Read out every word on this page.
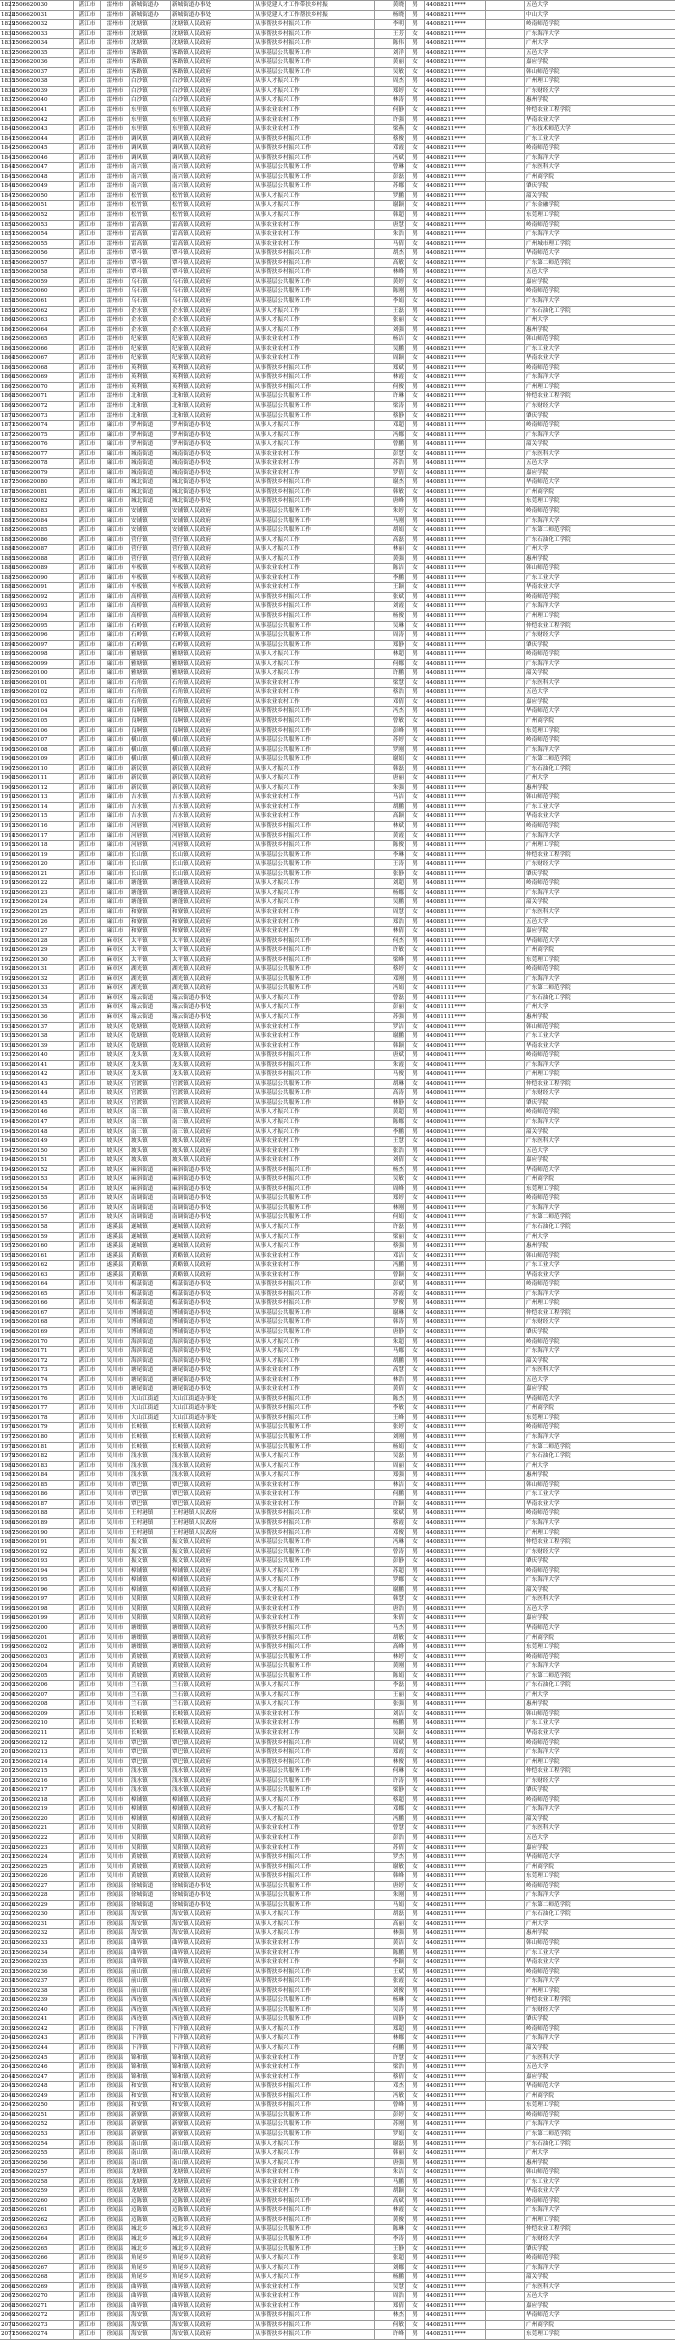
1827	2506620030	湛江市	雷州市	新城街道办	新城街道办事处	从事党建人才工作带扶乡村振	黄晓	男	44088211****		五邑大学
1828	2506620031	湛江市	雷州市	新城街道办	新城街道办事处	从事党建人才工作帮扶乡村振	杨晓	男	44088211****		中山大学
1829	2506620032	湛江市	雷州市	沈塘镇	沈塘镇人民政府	从事帮扶乡村振兴工作	李明	男	44088211****		岭南师范学院
1830	2506620033	湛江市	雷州市	沈塘镇	沈塘镇人民政府	从事帮扶乡村振兴工作	王芳	女	44088211****		广东海洋大学
1831	2506620034	湛江市	雷州市	沈塘镇	沈塘镇人民政府	从事帮扶乡村振兴工作	陈伟	男	44088211****		广州大学
1832	2506620035	湛江市	雷州市	客路镇	客路镇人民政府	从事基层公共服务工作	刘洋	男	44088211****		五邑大学
1833	2506620036	湛江市	雷州市	客路镇	客路镇人民政府	从事基层公共服务工作	黄丽	女	44088211****		嘉应学院
1834	2506620037	湛江市	雷州市	客路镇	客路镇人民政府	从事基层公共服务工作	吴敏	女	44088211****		韩山师范学院
1835	2506620038	湛江市	雷州市	白沙镇	白沙镇人民政府	从事人才振兴工作	周杰	男	44088211****		广州理工学院
1836	2506620039	湛江市	雷州市	白沙镇	白沙镇人民政府	从事人才振兴工作	郑婷	女	44088211****		广东财经大学
1837	2506620040	湛江市	雷州市	白沙镇	白沙镇人民政府	从事人才振兴工作	林涛	男	44088211****		惠州学院
1838	2506620041	湛江市	雷州市	东里镇	东里镇人民政府	从事农业农村工作	何静	女	44088211****		仲恺农业工程学院
1839	2506620042	湛江市	雷州市	东里镇	东里镇人民政府	从事农业农村工作	许强	男	44088211****		华南农业大学
1840	2506620043	湛江市	雷州市	东里镇	东里镇人民政府	从事农业农村工作	梁燕	女	44088211****		广东技术师范大学
1841	2506620044	湛江市	雷州市	调风镇	调风镇人民政府	从事帮扶乡村振兴工作	蔡俊	男	44088211****		广东工业大学
1842	2506620045	湛江市	雷州市	调风镇	调风镇人民政府	从事帮扶乡村振兴工作	邓霞	女	44088211****		岭南师范学院
1843	2506620046	湛江市	雷州市	调风镇	调风镇人民政府	从事帮扶乡村振兴工作	冯斌	男	44088211****		广东海洋大学
1844	2506620047	湛江市	雷州市	南兴镇	南兴镇人民政府	从事基层公共服务工作	曾琳	女	44088211****		广东医科大学
1845	2506620048	湛江市	雷州市	南兴镇	南兴镇人民政府	从事基层公共服务工作	彭磊	男	44088211****		广州商学院
1846	2506620049	湛江市	雷州市	南兴镇	南兴镇人民政府	从事基层公共服务工作	苏娜	女	44088211****		肇庆学院
1847	2506620050	湛江市	雷州市	松竹镇	松竹镇人民政府	从事人才振兴工作	罗鹏	男	44088211****		韶关学院
1848	2506620051	湛江市	雷州市	松竹镇	松竹镇人民政府	从事人才振兴工作	谢颖	女	44088211****		广东金融学院
1849	2506620052	湛江市	雷州市	松竹镇	松竹镇人民政府	从事人才振兴工作	韩超	男	44088211****		东莞理工学院
1850	2506620053	湛江市	雷州市	雷高镇	雷高镇人民政府	从事农业农村工作	唐慧	女	44088211****		岭南师范学院
1851	2506620054	湛江市	雷州市	雷高镇	雷高镇人民政府	从事农业农村工作	朱浩	男	44088211****		广东海洋大学
1852	2506620055	湛江市	雷州市	雷高镇	雷高镇人民政府	从事农业农村工作	马倩	女	44088211****		广州城市理工学院
1853	2506620056	湛江市	雷州市	覃斗镇	覃斗镇人民政府	从事帮扶乡村振兴工作	胡杰	男	44088211****		华南师范大学
1854	2506620057	湛江市	雷州市	覃斗镇	覃斗镇人民政府	从事帮扶乡村振兴工作	高敏	女	44088211****		广东第二师范学院
1855	2506620058	湛江市	雷州市	覃斗镇	覃斗镇人民政府	从事帮扶乡村振兴工作	林峰	男	44088211****		五邑大学
1856	2506620059	湛江市	雷州市	乌石镇	乌石镇人民政府	从事基层公共服务工作	黄婷	女	44088211****		嘉应学院
1857	2506620060	湛江市	雷州市	乌石镇	乌石镇人民政府	从事基层公共服务工作	陈刚	男	44088211****		岭南师范学院
1858	2506620061	湛江市	雷州市	乌石镇	乌石镇人民政府	从事基层公共服务工作	李娟	女	44088211****		广东海洋大学
1859	2506620062	湛江市	雷州市	企水镇	企水镇人民政府	从事人才振兴工作	王磊	男	44088211****		广东石油化工学院
1860	2506620063	湛江市	雷州市	企水镇	企水镇人民政府	从事人才振兴工作	张丽	女	44088211****		广州大学
1861	2506620064	湛江市	雷州市	企水镇	企水镇人民政府	从事人才振兴工作	刘强	男	44088211****		惠州学院
1862	2506620065	湛江市	雷州市	纪家镇	纪家镇人民政府	从事农业农村工作	杨洁	女	44088211****		韩山师范学院
1863	2506620066	湛江市	雷州市	纪家镇	纪家镇人民政府	从事农业农村工作	吴鹏	男	44088211****		广东工业大学
1864	2506620067	湛江市	雷州市	纪家镇	纪家镇人民政府	从事农业农村工作	周颖	女	44088211****		华南农业大学
1865	2506620068	湛江市	雷州市	英利镇	英利镇人民政府	从事帮扶乡村振兴工作	郑斌	男	44088211****		岭南师范学院
1866	2506620069	湛江市	雷州市	英利镇	英利镇人民政府	从事帮扶乡村振兴工作	林霞	女	44088211****		广东海洋大学
1867	2506620070	湛江市	雷州市	英利镇	英利镇人民政府	从事帮扶乡村振兴工作	何俊	男	44088211****		广州理工学院
1868	2506620071	湛江市	雷州市	北和镇	北和镇人民政府	从事基层公共服务工作	许琳	女	44088211****		仲恺农业工程学院
1869	2506620072	湛江市	雷州市	北和镇	北和镇人民政府	从事基层公共服务工作	梁涛	男	44088211****		广东财经大学
1870	2506620073	湛江市	雷州市	北和镇	北和镇人民政府	从事基层公共服务工作	蔡静	女	44088211****		肇庆学院
1871	2506620074	湛江市	廉江市	罗州街道	罗州街道办事处	从事人才振兴工作	邓超	男	44088111****		岭南师范学院
1872	2506620075	湛江市	廉江市	罗州街道	罗州街道办事处	从事人才振兴工作	冯娜	女	44088111****		广东海洋大学
1873	2506620076	湛江市	廉江市	罗州街道	罗州街道办事处	从事人才振兴工作	曾鹏	男	44088111****		韶关学院
1874	2506620077	湛江市	廉江市	城南街道	城南街道办事处	从事农业农村工作	彭慧	女	44088111****		广东医科大学
1875	2506620078	湛江市	廉江市	城南街道	城南街道办事处	从事农业农村工作	苏浩	男	44088111****		五邑大学
1876	2506620079	湛江市	廉江市	城南街道	城南街道办事处	从事农业农村工作	罗倩	女	44088111****		嘉应学院
1877	2506620080	湛江市	廉江市	城北街道	城北街道办事处	从事帮扶乡村振兴工作	谢杰	男	44088111****		华南师范大学
1878	2506620081	湛江市	廉江市	城北街道	城北街道办事处	从事帮扶乡村振兴工作	韩敏	女	44088111****		广州商学院
1879	2506620082	湛江市	廉江市	城北街道	城北街道办事处	从事帮扶乡村振兴工作	唐峰	男	44088111****		东莞理工学院
1880	2506620083	湛江市	廉江市	安铺镇	安铺镇人民政府	从事基层公共服务工作	朱婷	女	44088111****		岭南师范学院
1881	2506620084	湛江市	廉江市	安铺镇	安铺镇人民政府	从事基层公共服务工作	马刚	男	44088111****		广东海洋大学
1882	2506620085	湛江市	廉江市	安铺镇	安铺镇人民政府	从事基层公共服务工作	胡娟	女	44088111****		广东第二师范学院
1883	2506620086	湛江市	廉江市	营仔镇	营仔镇人民政府	从事人才振兴工作	高磊	男	44088111****		广东石油化工学院
1884	2506620087	湛江市	廉江市	营仔镇	营仔镇人民政府	从事人才振兴工作	林丽	女	44088111****		广州大学
1885	2506620088	湛江市	廉江市	营仔镇	营仔镇人民政府	从事人才振兴工作	黄强	男	44088111****		惠州学院
1886	2506620089	湛江市	廉江市	车板镇	车板镇人民政府	从事农业农村工作	陈洁	女	44088111****		韩山师范学院
1887	2506620090	湛江市	廉江市	车板镇	车板镇人民政府	从事农业农村工作	李鹏	男	44088111****		广东工业大学
1888	2506620091	湛江市	廉江市	车板镇	车板镇人民政府	从事农业农村工作	王颖	女	44088111****		华南农业大学
1889	2506620092	湛江市	廉江市	高桥镇	高桥镇人民政府	从事帮扶乡村振兴工作	张斌	男	44088111****		岭南师范学院
1890	2506620093	湛江市	廉江市	高桥镇	高桥镇人民政府	从事帮扶乡村振兴工作	刘霞	女	44088111****		广东海洋大学
1891	2506620094	湛江市	廉江市	高桥镇	高桥镇人民政府	从事帮扶乡村振兴工作	杨俊	男	44088111****		广州理工学院
1892	2506620095	湛江市	廉江市	石岭镇	石岭镇人民政府	从事基层公共服务工作	吴琳	女	44088111****		仲恺农业工程学院
1893	2506620096	湛江市	廉江市	石岭镇	石岭镇人民政府	从事基层公共服务工作	周涛	男	44088111****		广东财经大学
1894	2506620097	湛江市	廉江市	石岭镇	石岭镇人民政府	从事基层公共服务工作	郑静	女	44088111****		肇庆学院
1895	2506620098	湛江市	廉江市	雅塘镇	雅塘镇人民政府	从事人才振兴工作	林超	男	44088111****		岭南师范学院
1896	2506620099	湛江市	廉江市	雅塘镇	雅塘镇人民政府	从事人才振兴工作	何娜	女	44088111****		广东海洋大学
1897	2506620100	湛江市	廉江市	雅塘镇	雅塘镇人民政府	从事人才振兴工作	许鹏	男	44088111****		韶关学院
1898	2506620101	湛江市	廉江市	石角镇	石角镇人民政府	从事农业农村工作	梁慧	女	44088111****		广东医科大学
1899	2506620102	湛江市	廉江市	石角镇	石角镇人民政府	从事农业农村工作	蔡浩	男	44088111****		五邑大学
1900	2506620103	湛江市	廉江市	石角镇	石角镇人民政府	从事农业农村工作	邓倩	女	44088111****		嘉应学院
1901	2506620104	湛江市	廉江市	良垌镇	良垌镇人民政府	从事帮扶乡村振兴工作	冯杰	男	44088111****		华南师范大学
1902	2506620105	湛江市	廉江市	良垌镇	良垌镇人民政府	从事帮扶乡村振兴工作	曾敏	女	44088111****		广州商学院
1903	2506620106	湛江市	廉江市	良垌镇	良垌镇人民政府	从事帮扶乡村振兴工作	彭峰	男	44088111****		东莞理工学院
1904	2506620107	湛江市	廉江市	横山镇	横山镇人民政府	从事基层公共服务工作	苏婷	女	44088111****		岭南师范学院
1905	2506620108	湛江市	廉江市	横山镇	横山镇人民政府	从事基层公共服务工作	罗刚	男	44088111****		广东海洋大学
1906	2506620109	湛江市	廉江市	横山镇	横山镇人民政府	从事基层公共服务工作	谢娟	女	44088111****		广东第二师范学院
1907	2506620110	湛江市	廉江市	新民镇	新民镇人民政府	从事人才振兴工作	韩磊	男	44088111****		广东石油化工学院
1908	2506620111	湛江市	廉江市	新民镇	新民镇人民政府	从事人才振兴工作	唐丽	女	44088111****		广州大学
1909	2506620112	湛江市	廉江市	新民镇	新民镇人民政府	从事人才振兴工作	朱强	男	44088111****		惠州学院
1910	2506620113	湛江市	廉江市	吉水镇	吉水镇人民政府	从事农业农村工作	马洁	女	44088111****		韩山师范学院
1911	2506620114	湛江市	廉江市	吉水镇	吉水镇人民政府	从事农业农村工作	胡鹏	男	44088111****		广东工业大学
1912	2506620115	湛江市	廉江市	吉水镇	吉水镇人民政府	从事农业农村工作	高颖	女	44088111****		华南农业大学
1913	2506620116	湛江市	廉江市	河唇镇	河唇镇人民政府	从事帮扶乡村振兴工作	林斌	男	44088111****		岭南师范学院
1914	2506620117	湛江市	廉江市	河唇镇	河唇镇人民政府	从事帮扶乡村振兴工作	黄霞	女	44088111****		广东海洋大学
1915	2506620118	湛江市	廉江市	河唇镇	河唇镇人民政府	从事帮扶乡村振兴工作	陈俊	男	44088111****		广州理工学院
1916	2506620119	湛江市	廉江市	长山镇	长山镇人民政府	从事基层公共服务工作	李琳	女	44088111****		仲恺农业工程学院
1917	2506620120	湛江市	廉江市	长山镇	长山镇人民政府	从事基层公共服务工作	王涛	男	44088111****		广东财经大学
1918	2506620121	湛江市	廉江市	长山镇	长山镇人民政府	从事基层公共服务工作	张静	女	44088111****		肇庆学院
1919	2506620122	湛江市	廉江市	塘蓬镇	塘蓬镇人民政府	从事人才振兴工作	刘超	男	44088111****		岭南师范学院
1920	2506620123	湛江市	廉江市	塘蓬镇	塘蓬镇人民政府	从事人才振兴工作	杨娜	女	44088111****		广东海洋大学
1921	2506620124	湛江市	廉江市	塘蓬镇	塘蓬镇人民政府	从事人才振兴工作	吴鹏	男	44088111****		韶关学院
1922	2506620125	湛江市	廉江市	和寮镇	和寮镇人民政府	从事农业农村工作	周慧	女	44088111****		广东医科大学
1923	2506620126	湛江市	廉江市	和寮镇	和寮镇人民政府	从事农业农村工作	郑浩	男	44088111****		五邑大学
1924	2506620127	湛江市	廉江市	和寮镇	和寮镇人民政府	从事农业农村工作	林倩	女	44088111****		嘉应学院
1925	2506620128	湛江市	麻章区	太平镇	太平镇人民政府	从事帮扶乡村振兴工作	何杰	男	44081111****		华南师范大学
1926	2506620129	湛江市	麻章区	太平镇	太平镇人民政府	从事帮扶乡村振兴工作	许敏	女	44081111****		广州商学院
1927	2506620130	湛江市	麻章区	太平镇	太平镇人民政府	从事帮扶乡村振兴工作	梁峰	男	44081111****		东莞理工学院
1928	2506620131	湛江市	麻章区	湖光镇	湖光镇人民政府	从事基层公共服务工作	蔡婷	女	44081111****		岭南师范学院
1929	2506620132	湛江市	麻章区	湖光镇	湖光镇人民政府	从事基层公共服务工作	邓刚	男	44081111****		广东海洋大学
1930	2506620133	湛江市	麻章区	湖光镇	湖光镇人民政府	从事基层公共服务工作	冯娟	女	44081111****		广东第二师范学院
1931	2506620134	湛江市	麻章区	瑞云街道	瑞云街道办事处	从事人才振兴工作	曾磊	男	44081111****		广东石油化工学院
1932	2506620135	湛江市	麻章区	瑞云街道	瑞云街道办事处	从事人才振兴工作	彭丽	女	44081111****		广州大学
1933	2506620136	湛江市	麻章区	瑞云街道	瑞云街道办事处	从事人才振兴工作	苏强	男	44081111****		惠州学院
1934	2506620137	湛江市	坡头区	乾塘镇	乾塘镇人民政府	从事农业农村工作	罗洁	女	44080411****		韩山师范学院
1935	2506620138	湛江市	坡头区	乾塘镇	乾塘镇人民政府	从事农业农村工作	谢鹏	男	44080411****		广东工业大学
1936	2506620139	湛江市	坡头区	乾塘镇	乾塘镇人民政府	从事农业农村工作	韩颖	女	44080411****		华南农业大学
1937	2506620140	湛江市	坡头区	龙头镇	龙头镇人民政府	从事帮扶乡村振兴工作	唐斌	男	44080411****		岭南师范学院
1938	2506620141	湛江市	坡头区	龙头镇	龙头镇人民政府	从事帮扶乡村振兴工作	朱霞	女	44080411****		广东海洋大学
1939	2506620142	湛江市	坡头区	龙头镇	龙头镇人民政府	从事帮扶乡村振兴工作	马俊	男	44080411****		广州理工学院
1940	2506620143	湛江市	坡头区	官渡镇	官渡镇人民政府	从事基层公共服务工作	胡琳	女	44080411****		仲恺农业工程学院
1941	2506620144	湛江市	坡头区	官渡镇	官渡镇人民政府	从事基层公共服务工作	高涛	男	44080411****		广东财经大学
1942	2506620145	湛江市	坡头区	官渡镇	官渡镇人民政府	从事基层公共服务工作	林静	女	44080411****		肇庆学院
1943	2506620146	湛江市	坡头区	南三镇	南三镇人民政府	从事人才振兴工作	黄超	男	44080411****		岭南师范学院
1944	2506620147	湛江市	坡头区	南三镇	南三镇人民政府	从事人才振兴工作	陈娜	女	44080411****		广东海洋大学
1945	2506620148	湛江市	坡头区	南三镇	南三镇人民政府	从事人才振兴工作	李鹏	男	44080411****		韶关学院
1946	2506620149	湛江市	坡头区	坡头镇	坡头镇人民政府	从事农业农村工作	王慧	女	44080411****		广东医科大学
1947	2506620150	湛江市	坡头区	坡头镇	坡头镇人民政府	从事农业农村工作	张浩	男	44080411****		五邑大学
1948	2506620151	湛江市	坡头区	坡头镇	坡头镇人民政府	从事农业农村工作	刘倩	女	44080411****		嘉应学院
1949	2506620152	湛江市	坡头区	麻斜街道	麻斜街道办事处	从事帮扶乡村振兴工作	杨杰	男	44080411****		华南师范大学
1950	2506620153	湛江市	坡头区	麻斜街道	麻斜街道办事处	从事帮扶乡村振兴工作	吴敏	女	44080411****		广州商学院
1951	2506620154	湛江市	坡头区	麻斜街道	麻斜街道办事处	从事帮扶乡村振兴工作	周峰	男	44080411****		东莞理工学院
1952	2506620155	湛江市	坡头区	南调街道	南调街道办事处	从事基层公共服务工作	郑婷	女	44080411****		岭南师范学院
1953	2506620156	湛江市	坡头区	南调街道	南调街道办事处	从事基层公共服务工作	林刚	男	44080411****		广东海洋大学
1954	2506620157	湛江市	坡头区	南调街道	南调街道办事处	从事基层公共服务工作	何娟	女	44080411****		广东第二师范学院
1955	2506620158	湛江市	遂溪县	遂城镇	遂城镇人民政府	从事人才振兴工作	许磊	男	44082311****		广东石油化工学院
1956	2506620159	湛江市	遂溪县	遂城镇	遂城镇人民政府	从事人才振兴工作	梁丽	女	44082311****		广州大学
1957	2506620160	湛江市	遂溪县	遂城镇	遂城镇人民政府	从事人才振兴工作	蔡强	男	44082311****		惠州学院
1958	2506620161	湛江市	遂溪县	黄略镇	黄略镇人民政府	从事农业农村工作	邓洁	女	44082311****		韩山师范学院
1959	2506620162	湛江市	遂溪县	黄略镇	黄略镇人民政府	从事农业农村工作	冯鹏	男	44082311****		广东工业大学
1960	2506620163	湛江市	遂溪县	黄略镇	黄略镇人民政府	从事农业农村工作	曾颖	女	44082311****		华南农业大学
1961	2506620164	湛江市	吴川市	梅菉街道	梅菉街道办事处	从事帮扶乡村振兴工作	彭斌	男	44088311****		岭南师范学院
1962	2506620165	湛江市	吴川市	梅菉街道	梅菉街道办事处	从事帮扶乡村振兴工作	苏霞	女	44088311****		广东海洋大学
1963	2506620166	湛江市	吴川市	梅菉街道	梅菉街道办事处	从事帮扶乡村振兴工作	罗俊	男	44088311****		广州理工学院
1964	2506620167	湛江市	吴川市	博铺街道	博铺街道办事处	从事基层公共服务工作	谢琳	女	44088311****		仲恺农业工程学院
1965	2506620168	湛江市	吴川市	博铺街道	博铺街道办事处	从事基层公共服务工作	韩涛	男	44088311****		广东财经大学
1966	2506620169	湛江市	吴川市	博铺街道	博铺街道办事处	从事基层公共服务工作	唐静	女	44088311****		肇庆学院
1967	2506620170	湛江市	吴川市	海滨街道	海滨街道办事处	从事人才振兴工作	朱超	男	44088311****		岭南师范学院
1968	2506620171	湛江市	吴川市	海滨街道	海滨街道办事处	从事人才振兴工作	马娜	女	44088311****		广东海洋大学
1969	2506620172	湛江市	吴川市	海滨街道	海滨街道办事处	从事人才振兴工作	胡鹏	男	44088311****		韶关学院
1970	2506620173	湛江市	吴川市	塘尾街道	塘尾街道办事处	从事农业农村工作	高慧	女	44088311****		广东医科大学
1971	2506620174	湛江市	吴川市	塘尾街道	塘尾街道办事处	从事农业农村工作	林浩	男	44088311****		五邑大学
1972	2506620175	湛江市	吴川市	塘尾街道	塘尾街道办事处	从事农业农村工作	黄倩	女	44088311****		嘉应学院
1973	2506620176	湛江市	吴川市	大山江街道	大山江街道办事处	从事帮扶乡村振兴工作	陈杰	男	44088311****		华南师范大学
1974	2506620177	湛江市	吴川市	大山江街道	大山江街道办事处	从事帮扶乡村振兴工作	李敏	女	44088311****		广州商学院
1975	2506620178	湛江市	吴川市	大山江街道	大山江街道办事处	从事帮扶乡村振兴工作	王峰	男	44088311****		东莞理工学院
1976	2506620179	湛江市	吴川市	长岐镇	长岐镇人民政府	从事基层公共服务工作	张婷	女	44088311****		岭南师范学院
1977	2506620180	湛江市	吴川市	长岐镇	长岐镇人民政府	从事基层公共服务工作	刘刚	男	44088311****		广东海洋大学
1978	2506620181	湛江市	吴川市	长岐镇	长岐镇人民政府	从事基层公共服务工作	杨娟	女	44088311****		广东第二师范学院
1979	2506620182	湛江市	吴川市	浅水镇	浅水镇人民政府	从事人才振兴工作	吴磊	男	44088311****		广东石油化工学院
1980	2506620183	湛江市	吴川市	浅水镇	浅水镇人民政府	从事人才振兴工作	周丽	女	44088311****		广州大学
1981	2506620184	湛江市	吴川市	浅水镇	浅水镇人民政府	从事人才振兴工作	郑强	男	44088311****		惠州学院
1982	2506620185	湛江市	吴川市	覃巴镇	覃巴镇人民政府	从事农业农村工作	林洁	女	44088311****		韩山师范学院
1983	2506620186	湛江市	吴川市	覃巴镇	覃巴镇人民政府	从事农业农村工作	何鹏	男	44088311****		广东工业大学
1984	2506620187	湛江市	吴川市	覃巴镇	覃巴镇人民政府	从事农业农村工作	许颖	女	44088311****		华南农业大学
1985	2506620188	湛江市	吴川市	王村港镇	王村港镇人民政府	从事帮扶乡村振兴工作	梁斌	男	44088311****		岭南师范学院
1986	2506620189	湛江市	吴川市	王村港镇	王村港镇人民政府	从事帮扶乡村振兴工作	蔡霞	女	44088311****		广东海洋大学
1987	2506620190	湛江市	吴川市	王村港镇	王村港镇人民政府	从事帮扶乡村振兴工作	邓俊	男	44088311****		广州理工学院
1988	2506620191	湛江市	吴川市	振文镇	振文镇人民政府	从事基层公共服务工作	冯琳	女	44088311****		仲恺农业工程学院
1989	2506620192	湛江市	吴川市	振文镇	振文镇人民政府	从事基层公共服务工作	曾涛	男	44088311****		广东财经大学
1990	2506620193	湛江市	吴川市	振文镇	振文镇人民政府	从事基层公共服务工作	彭静	女	44088311****		肇庆学院
1991	2506620194	湛江市	吴川市	樟铺镇	樟铺镇人民政府	从事人才振兴工作	苏超	男	44088311****		岭南师范学院
1992	2506620195	湛江市	吴川市	樟铺镇	樟铺镇人民政府	从事人才振兴工作	罗娜	女	44088311****		广东海洋大学
1993	2506620196	湛江市	吴川市	樟铺镇	樟铺镇人民政府	从事人才振兴工作	谢鹏	男	44088311****		韶关学院
1994	2506620197	湛江市	吴川市	吴阳镇	吴阳镇人民政府	从事农业农村工作	韩慧	女	44088311****		广东医科大学
1995	2506620198	湛江市	吴川市	吴阳镇	吴阳镇人民政府	从事农业农村工作	唐浩	男	44088311****		五邑大学
1996	2506620199	湛江市	吴川市	吴阳镇	吴阳镇人民政府	从事农业农村工作	朱倩	女	44088311****		嘉应学院
1997	2506620200	湛江市	吴川市	塘缀镇	塘缀镇人民政府	从事帮扶乡村振兴工作	马杰	男	44088311****		华南师范大学
1998	2506620201	湛江市	吴川市	塘缀镇	塘缀镇人民政府	从事帮扶乡村振兴工作	胡敏	女	44088311****		广州商学院
1999	2506620202	湛江市	吴川市	塘缀镇	塘缀镇人民政府	从事帮扶乡村振兴工作	高峰	男	44088311****		东莞理工学院
2000	2506620203	湛江市	吴川市	黄坡镇	黄坡镇人民政府	从事基层公共服务工作	林婷	女	44088311****		岭南师范学院
2001	2506620204	湛江市	吴川市	黄坡镇	黄坡镇人民政府	从事基层公共服务工作	黄刚	男	44088311****		广东海洋大学
2002	2506620205	湛江市	吴川市	黄坡镇	黄坡镇人民政府	从事基层公共服务工作	陈娟	女	44088311****		广东第二师范学院
2003	2506620206	湛江市	吴川市	兰石镇	兰石镇人民政府	从事人才振兴工作	李磊	男	44088311****		广东石油化工学院
2004	2506620207	湛江市	吴川市	兰石镇	兰石镇人民政府	从事人才振兴工作	王丽	女	44088311****		广州大学
2005	2506620208	湛江市	吴川市	兰石镇	兰石镇人民政府	从事人才振兴工作	张强	男	44088311****		惠州学院
2006	2506620209	湛江市	吴川市	长岐镇	长岐镇人民政府	从事农业农村工作	刘洁	女	44088311****		韩山师范学院
2007	2506620210	湛江市	吴川市	长岐镇	长岐镇人民政府	从事农业农村工作	杨鹏	男	44088311****		广东工业大学
2008	2506620211	湛江市	吴川市	长岐镇	长岐镇人民政府	从事农业农村工作	吴颖	女	44088311****		华南农业大学
2009	2506620212	湛江市	吴川市	覃巴镇	覃巴镇人民政府	从事帮扶乡村振兴工作	周斌	男	44088311****		岭南师范学院
2010	2506620213	湛江市	吴川市	覃巴镇	覃巴镇人民政府	从事帮扶乡村振兴工作	郑霞	女	44088311****		广东海洋大学
2011	2506620214	湛江市	吴川市	覃巴镇	覃巴镇人民政府	从事帮扶乡村振兴工作	林俊	男	44088311****		广州理工学院
2012	2506620215	湛江市	吴川市	浅水镇	浅水镇人民政府	从事基层公共服务工作	何琳	女	44088311****		仲恺农业工程学院
2013	2506620216	湛江市	吴川市	浅水镇	浅水镇人民政府	从事基层公共服务工作	许涛	男	44088311****		广东财经大学
2014	2506620217	湛江市	吴川市	浅水镇	浅水镇人民政府	从事基层公共服务工作	梁静	女	44088311****		肇庆学院
2015	2506620218	湛江市	吴川市	樟铺镇	樟铺镇人民政府	从事人才振兴工作	蔡超	男	44088311****		岭南师范学院
2016	2506620219	湛江市	吴川市	樟铺镇	樟铺镇人民政府	从事人才振兴工作	邓娜	女	44088311****		广东海洋大学
2017	2506620220	湛江市	吴川市	樟铺镇	樟铺镇人民政府	从事人才振兴工作	冯鹏	男	44088311****		韶关学院
2018	2506620221	湛江市	吴川市	吴阳镇	吴阳镇人民政府	从事农业农村工作	曾慧	女	44088311****		广东医科大学
2019	2506620222	湛江市	吴川市	吴阳镇	吴阳镇人民政府	从事农业农村工作	彭浩	男	44088311****		五邑大学
2020	2506620223	湛江市	吴川市	吴阳镇	吴阳镇人民政府	从事农业农村工作	苏倩	女	44088311****		嘉应学院
2021	2506620224	湛江市	吴川市	黄坡镇	黄坡镇人民政府	从事帮扶乡村振兴工作	罗杰	男	44088311****		华南师范大学
2022	2506620225	湛江市	吴川市	黄坡镇	黄坡镇人民政府	从事帮扶乡村振兴工作	谢敏	女	44088311****		广州商学院
2023	2506620226	湛江市	吴川市	黄坡镇	黄坡镇人民政府	从事帮扶乡村振兴工作	韩峰	男	44088311****		东莞理工学院
2024	2506620227	湛江市	徐闻县	徐城街道	徐城街道办事处	从事基层公共服务工作	唐婷	女	44082511****		岭南师范学院
2025	2506620228	湛江市	徐闻县	徐城街道	徐城街道办事处	从事基层公共服务工作	朱刚	男	44082511****		广东海洋大学
2026	2506620229	湛江市	徐闻县	徐城街道	徐城街道办事处	从事基层公共服务工作	马娟	女	44082511****		广东第二师范学院
2027	2506620230	湛江市	徐闻县	海安镇	海安镇人民政府	从事人才振兴工作	胡磊	男	44082511****		广东石油化工学院
2028	2506620231	湛江市	徐闻县	海安镇	海安镇人民政府	从事人才振兴工作	高丽	女	44082511****		广州大学
2029	2506620232	湛江市	徐闻县	海安镇	海安镇人民政府	从事人才振兴工作	林强	男	44082511****		惠州学院
2030	2506620233	湛江市	徐闻县	曲界镇	曲界镇人民政府	从事农业农村工作	黄洁	女	44082511****		韩山师范学院
2031	2506620234	湛江市	徐闻县	曲界镇	曲界镇人民政府	从事农业农村工作	陈鹏	男	44082511****		广东工业大学
2032	2506620235	湛江市	徐闻县	曲界镇	曲界镇人民政府	从事农业农村工作	李颖	女	44082511****		华南农业大学
2033	2506620236	湛江市	徐闻县	前山镇	前山镇人民政府	从事帮扶乡村振兴工作	王斌	男	44082511****		岭南师范学院
2034	2506620237	湛江市	徐闻县	前山镇	前山镇人民政府	从事帮扶乡村振兴工作	张霞	女	44082511****		广东海洋大学
2035	2506620238	湛江市	徐闻县	前山镇	前山镇人民政府	从事帮扶乡村振兴工作	刘俊	男	44082511****		广州理工学院
2036	2506620239	湛江市	徐闻县	西连镇	西连镇人民政府	从事基层公共服务工作	杨琳	女	44082511****		仲恺农业工程学院
2037	2506620240	湛江市	徐闻县	西连镇	西连镇人民政府	从事基层公共服务工作	吴涛	男	44082511****		广东财经大学
2038	2506620241	湛江市	徐闻县	西连镇	西连镇人民政府	从事基层公共服务工作	周静	女	44082511****		肇庆学院
2039	2506620242	湛江市	徐闻县	下洋镇	下洋镇人民政府	从事人才振兴工作	郑超	男	44082511****		岭南师范学院
2040	2506620243	湛江市	徐闻县	下洋镇	下洋镇人民政府	从事人才振兴工作	林娜	女	44082511****		广东海洋大学
2041	2506620244	湛江市	徐闻县	下洋镇	下洋镇人民政府	从事人才振兴工作	何鹏	男	44082511****		韶关学院
2042	2506620245	湛江市	徐闻县	锦和镇	锦和镇人民政府	从事农业农村工作	许慧	女	44082511****		广东医科大学
2043	2506620246	湛江市	徐闻县	锦和镇	锦和镇人民政府	从事农业农村工作	梁浩	男	44082511****		五邑大学
2044	2506620247	湛江市	徐闻县	锦和镇	锦和镇人民政府	从事农业农村工作	蔡倩	女	44082511****		嘉应学院
2045	2506620248	湛江市	徐闻县	和安镇	和安镇人民政府	从事帮扶乡村振兴工作	邓杰	男	44082511****		华南师范大学
2046	2506620249	湛江市	徐闻县	和安镇	和安镇人民政府	从事帮扶乡村振兴工作	冯敏	女	44082511****		广州商学院
2047	2506620250	湛江市	徐闻县	和安镇	和安镇人民政府	从事帮扶乡村振兴工作	曾峰	男	44082511****		东莞理工学院
2048	2506620251	湛江市	徐闻县	新寮镇	新寮镇人民政府	从事基层公共服务工作	彭婷	女	44082511****		岭南师范学院
2049	2506620252	湛江市	徐闻县	新寮镇	新寮镇人民政府	从事基层公共服务工作	苏刚	男	44082511****		广东海洋大学
2050	2506620253	湛江市	徐闻县	新寮镇	新寮镇人民政府	从事基层公共服务工作	罗娟	女	44082511****		广东第二师范学院
2051	2506620254	湛江市	徐闻县	南山镇	南山镇人民政府	从事人才振兴工作	谢磊	男	44082511****		广东石油化工学院
2052	2506620255	湛江市	徐闻县	南山镇	南山镇人民政府	从事人才振兴工作	韩丽	女	44082511****		广州大学
2053	2506620256	湛江市	徐闻县	南山镇	南山镇人民政府	从事人才振兴工作	唐强	男	44082511****		惠州学院
2054	2506620257	湛江市	徐闻县	龙塘镇	龙塘镇人民政府	从事农业农村工作	朱洁	女	44082511****		韩山师范学院
2055	2506620258	湛江市	徐闻县	龙塘镇	龙塘镇人民政府	从事农业农村工作	马鹏	男	44082511****		广东工业大学
2056	2506620259	湛江市	徐闻县	龙塘镇	龙塘镇人民政府	从事农业农村工作	胡颖	女	44082511****		华南农业大学
2057	2506620260	湛江市	徐闻县	迈陈镇	迈陈镇人民政府	从事帮扶乡村振兴工作	高斌	男	44082511****		岭南师范学院
2058	2506620261	湛江市	徐闻县	迈陈镇	迈陈镇人民政府	从事帮扶乡村振兴工作	林霞	女	44082511****		广东海洋大学
2059	2506620262	湛江市	徐闻县	迈陈镇	迈陈镇人民政府	从事帮扶乡村振兴工作	黄俊	男	44082511****		广州理工学院
2060	2506620263	湛江市	徐闻县	城北乡	城北乡人民政府	从事基层公共服务工作	陈琳	女	44082511****		仲恺农业工程学院
2061	2506620264	湛江市	徐闻县	城北乡	城北乡人民政府	从事基层公共服务工作	李涛	男	44082511****		广东财经大学
2062	2506620265	湛江市	徐闻县	城北乡	城北乡人民政府	从事基层公共服务工作	王静	女	44082511****		肇庆学院
2063	2506620266	湛江市	徐闻县	角尾乡	角尾乡人民政府	从事人才振兴工作	张超	男	44082511****		岭南师范学院
2064	2506620267	湛江市	徐闻县	角尾乡	角尾乡人民政府	从事人才振兴工作	刘娜	女	44082511****		广东海洋大学
2065	2506620268	湛江市	徐闻县	角尾乡	角尾乡人民政府	从事人才振兴工作	杨鹏	男	44082511****		韶关学院
2066	2506620269	湛江市	徐闻县	曲界镇	曲界镇人民政府	从事农业农村工作	吴慧	女	44082511****		广东医科大学
2067	2506620270	湛江市	徐闻县	曲界镇	曲界镇人民政府	从事农业农村工作	周浩	男	44082511****		五邑大学
2068	2506620271	湛江市	徐闻县	曲界镇	曲界镇人民政府	从事农业农村工作	郑倩	女	44082511****		嘉应学院
2069	2506620272	湛江市	徐闻县	海安镇	海安镇人民政府	从事帮扶乡村振兴工作	林杰	男	44082511****		华南师范大学
2070	2506620273	湛江市	徐闻县	海安镇	海安镇人民政府	从事帮扶乡村振兴工作	何敏	女	44082511****		广州商学院
2071	2506620274	湛江市	徐闻县	海安镇	海安镇人民政府	从事帮扶乡村振兴工作	许峰	男	44082511****		东莞理工学院
